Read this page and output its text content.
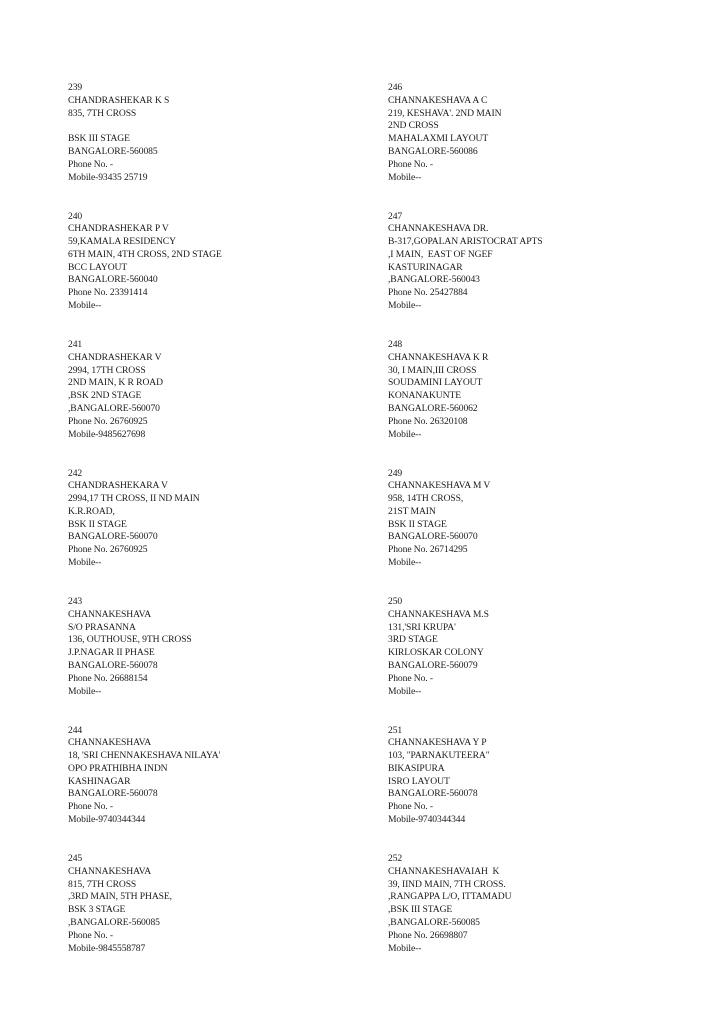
239
CHANDRASHEKAR K S
835, 7TH CROSS
BSK III STAGE
BANGALORE-560085
Phone No. -
Mobile-93435 25719
240
CHANDRASHEKAR P V
59,KAMALA RESIDENCY
6TH MAIN, 4TH CROSS, 2ND STAGE
BCC LAYOUT
BANGALORE-560040
Phone No. 23391414
Mobile--
241
CHANDRASHEKAR V
2994, 17TH CROSS
2ND MAIN, K R ROAD
,BSK 2ND STAGE
,BANGALORE-560070
Phone No. 26760925
Mobile-9485627698
242
CHANDRASHEKARA V
2994,17 TH CROSS, II ND MAIN
K.R.ROAD,
BSK II STAGE
BANGALORE-560070
Phone No. 26760925
Mobile--
243
CHANNAKESHAVA
S/O PRASANNA
136, OUTHOUSE, 9TH CROSS
J.P.NAGAR II PHASE
BANGALORE-560078
Phone No. 26688154
Mobile--
244
CHANNAKESHAVA
18, 'SRI CHENNAKESHAVA NILAYA'
OPO PRATHIBHA INDN
KASHINAGAR
BANGALORE-560078
Phone No. -
Mobile-9740344344
245
CHANNAKESHAVA
815, 7TH CROSS
,3RD MAIN, 5TH PHASE,
BSK 3 STAGE
,BANGALORE-560085
Phone No. -
Mobile-9845558787
246
CHANNAKESHAVA A C
219, KESHAVA'. 2ND MAIN
2ND CROSS
MAHALAXMI LAYOUT
BANGALORE-560086
Phone No. -
Mobile--
247
CHANNAKESHAVA DR.
B-317,GOPALAN ARISTOCRAT APTS
,I MAIN,  EAST OF NGEF
KASTURINAGAR
,BANGALORE-560043
Phone No. 25427884
Mobile--
248
CHANNAKESHAVA K R
30, I MAIN,III CROSS
SOUDAMINI LAYOUT
KONANAKUNTE
BANGALORE-560062
Phone No. 26320108
Mobile--
249
CHANNAKESHAVA M V
958, 14TH CROSS,
21ST MAIN
BSK II STAGE
BANGALORE-560070
Phone No. 26714295
Mobile--
250
CHANNAKESHAVA M.S
131,'SRI KRUPA'
3RD STAGE
KIRLOSKAR COLONY
BANGALORE-560079
Phone No. -
Mobile--
251
CHANNAKESHAVA Y P
103, "PARNAKUTEERA"
BIKASIPURA
ISRO LAYOUT
BANGALORE-560078
Phone No. -
Mobile-9740344344
252
CHANNAKESHAVAIAH  K
39, IIND MAIN, 7TH CROSS.
,RANGAPPA L/O, ITTAMADU
,BSK III STAGE
,BANGALORE-560085
Phone No. 26698807
Mobile--
